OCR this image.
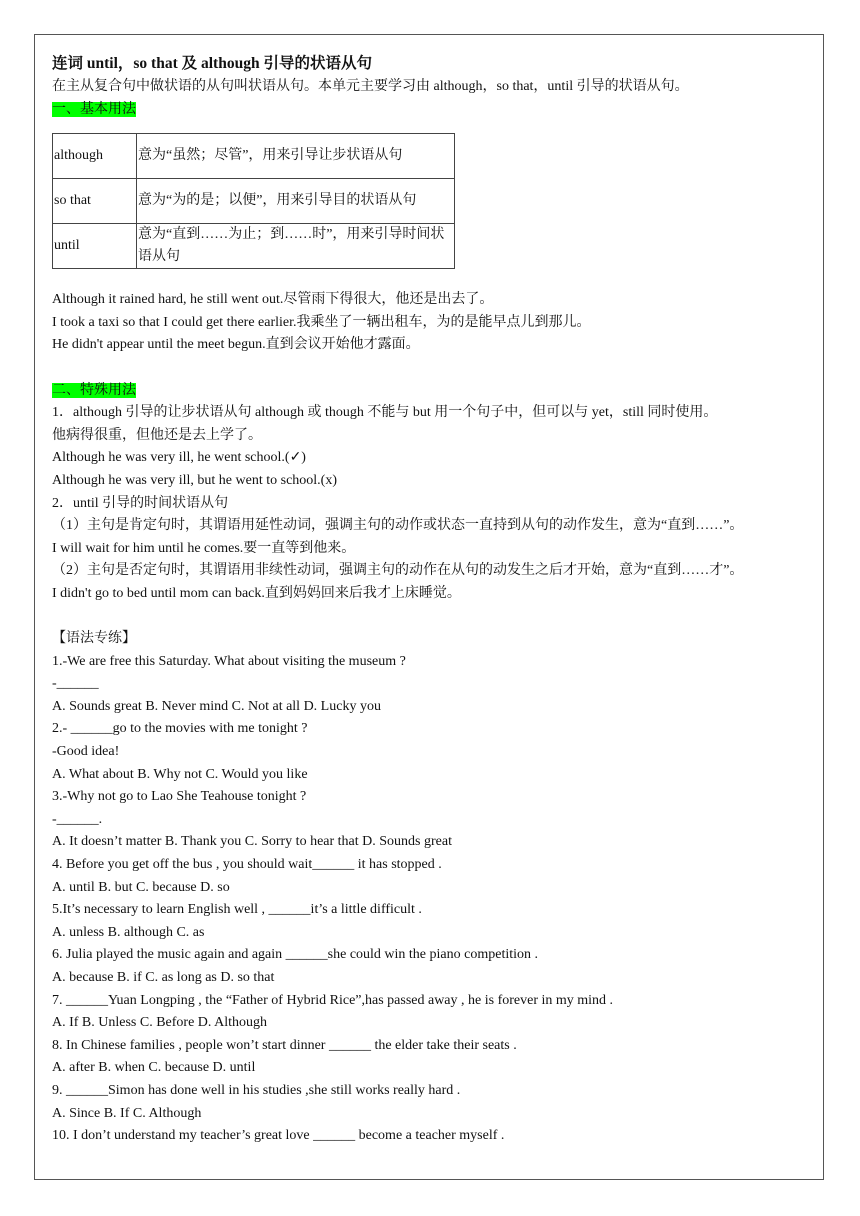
连词 until，so that 及 although 引导的状语从句
在主从复合句中做状语的从句叫状语从句。本单元主要学习由 although，so that，until 引导的状语从句。
一、基本用法
although	意为“虽然；尽管”，用来引导让步状语从句
so that	意为“为的是；以便”，用来引导目的状语从句
until	意为“直到……为止；到……时”，用来引导时间状语从句
Although it rained hard, he still went out.尽管雨下得很大，他还是出去了。
I took a taxi so that I could get there earlier.我乘坐了一辆出租车，为的是能早点儿到那儿。
He didn't appear until the meet begun.直到会议开始他才露面。
二、特殊用法
1．although 引导的让步状语从句 although 或 though 不能与 but 用一个句子中，但可以与 yet，still 同时使用。
他病得很重，但他还是去上学了。
Although he was very ill, he went school.(✓)
Although he was very ill, but he went to school.(x)
2．until 引导的时间状语从句
（1）主句是肯定句时，其谓语用延性动词，强调主句的动作或状态一直持到从句的动作发生，意为“直到……”。
I will wait for him until he comes.要一直等到他来。
（2）主句是否定句时，其谓语用非续性动词，强调主句的动作在从句的动发生之后才开始，意为“直到……才”。
I didn't go to bed until mom can back.直到妈妈回来后我才上床睡觉。
【语法专练】
1.-We are free this Saturday. What about visiting the museum ?
-______
A. Sounds great B. Never mind C. Not at all D. Lucky you
2.- ______go to the movies with me tonight ?
-Good idea!
A. What about B. Why not C. Would you like
3.-Why not go to Lao She Teahouse tonight ?
-______.
A. It doesn’t matter B. Thank you C. Sorry to hear that D. Sounds great
4. Before you get off the bus , you should wait______ it has stopped .
A. until B. but C. because D. so
5.It’s necessary to learn English well , ______it’s a little difficult .
A. unless B. although C. as
6. Julia played the music again and again ______she could win the piano competition .
A. because B. if C. as long as D. so that
7. ______Yuan Longping , the “Father of Hybrid Rice”,has passed away , he is forever in my mind .
A. If B. Unless C. Before D. Although
8. In Chinese families , people won’t start dinner ______ the elder take their seats .
A. after B. when C. because D. until
9. ______Simon has done well in his studies ,she still works really hard .
A. Since B. If C. Although
10. I don’t understand my teacher’s great love ______ become a teacher myself .
